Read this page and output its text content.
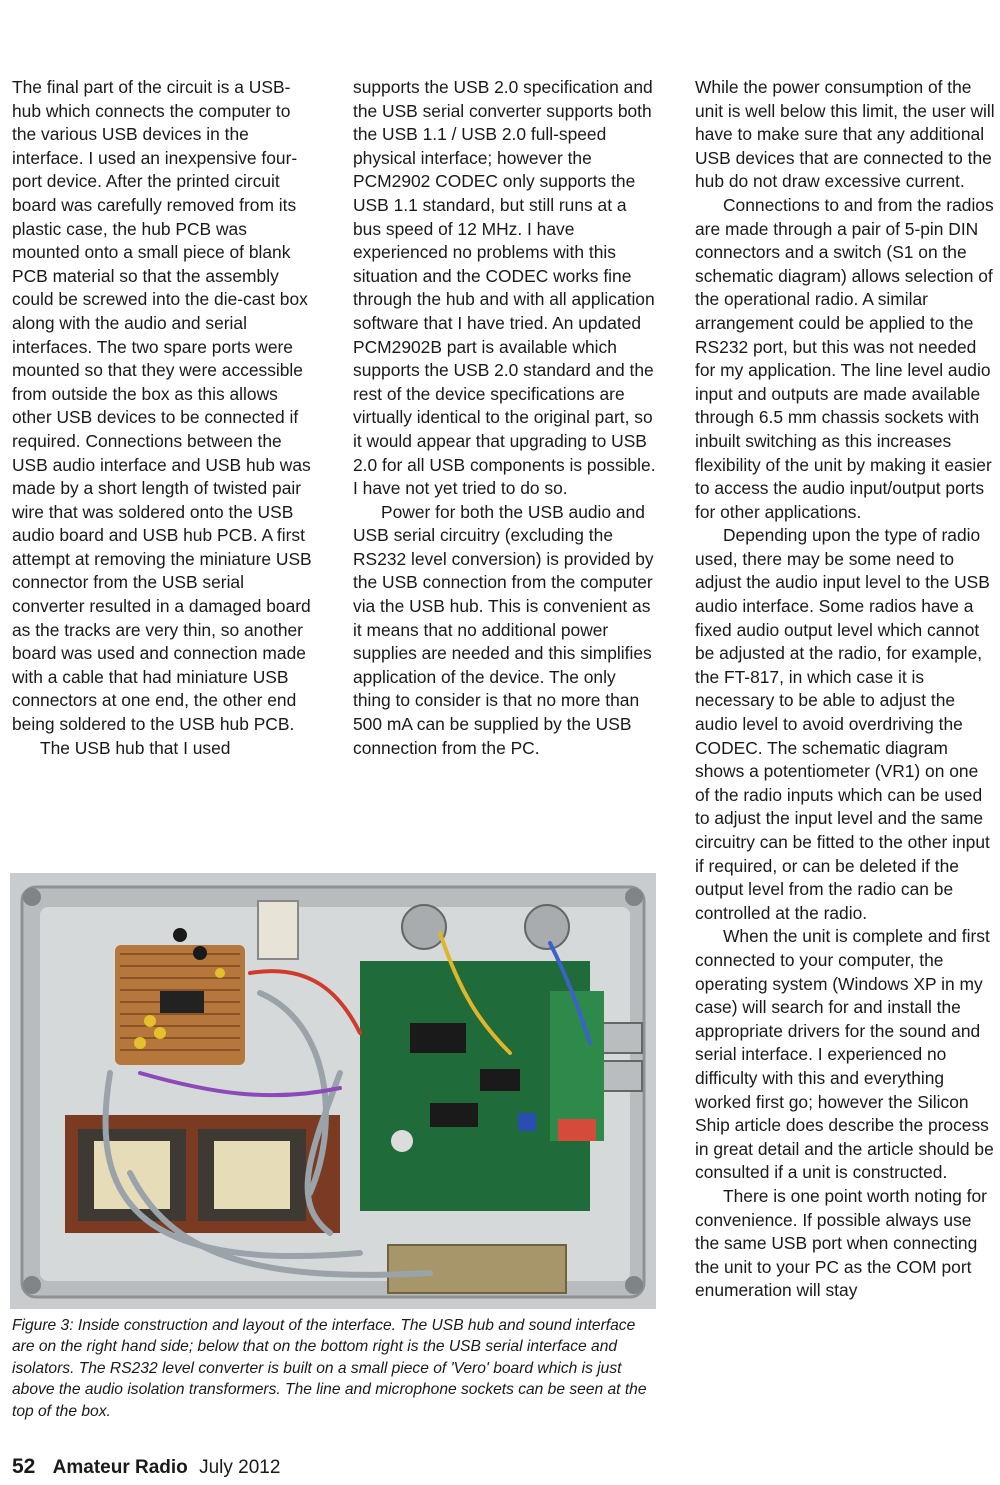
The final part of the circuit is a USB-hub which connects the computer to the various USB devices in the interface. I used an inexpensive four-port device. After the printed circuit board was carefully removed from its plastic case, the hub PCB was mounted onto a small piece of blank PCB material so that the assembly could be screwed into the die-cast box along with the audio and serial interfaces. The two spare ports were mounted so that they were accessible from outside the box as this allows other USB devices to be connected if required. Connections between the USB audio interface and USB hub was made by a short length of twisted pair wire that was soldered onto the USB audio board and USB hub PCB. A first attempt at removing the miniature USB connector from the USB serial converter resulted in a damaged board as the tracks are very thin, so another board was used and connection made with a cable that had miniature USB connectors at one end, the other end being soldered to the USB hub PCB.

The USB hub that I used

supports the USB 2.0 specification and the USB serial converter supports both the USB 1.1 / USB 2.0 full-speed physical interface; however the PCM2902 CODEC only supports the USB 1.1 standard, but still runs at a bus speed of 12 MHz. I have experienced no problems with this situation and the CODEC works fine through the hub and with all application software that I have tried. An updated PCM2902B part is available which supports the USB 2.0 standard and the rest of the device specifications are virtually identical to the original part, so it would appear that upgrading to USB 2.0 for all USB components is possible. I have not yet tried to do so.

Power for both the USB audio and USB serial circuitry (excluding the RS232 level conversion) is provided by the USB connection from the computer via the USB hub. This is convenient as it means that no additional power supplies are needed and this simplifies application of the device. The only thing to consider is that no more than 500 mA can be supplied by the USB connection from the PC.

While the power consumption of the unit is well below this limit, the user will have to make sure that any additional USB devices that are connected to the hub do not draw excessive current.

Connections to and from the radios are made through a pair of 5-pin DIN connectors and a switch (S1 on the schematic diagram) allows selection of the operational radio. A similar arrangement could be applied to the RS232 port, but this was not needed for my application. The line level audio input and outputs are made available through 6.5 mm chassis sockets with inbuilt switching as this increases flexibility of the unit by making it easier to access the audio input/output ports for other applications.

Depending upon the type of radio used, there may be some need to adjust the audio input level to the USB audio interface. Some radios have a fixed audio output level which cannot be adjusted at the radio, for example, the FT-817, in which case it is necessary to be able to adjust the audio level to avoid overdriving the CODEC. The schematic diagram shows a potentiometer (VR1) on one of the radio inputs which can be used to adjust the input level and the same circuitry can be fitted to the other input if required, or can be deleted if the output level from the radio can be controlled at the radio.

When the unit is complete and first connected to your computer, the operating system (Windows XP in my case) will search for and install the appropriate drivers for the sound and serial interface. I experienced no difficulty with this and everything worked first go; however the Silicon Ship article does describe the process in great detail and the article should be consulted if a unit is constructed.

There is one point worth noting for convenience. If possible always use the same USB port when connecting the unit to your PC as the COM port enumeration will stay

Figure 3: Inside construction and layout of the interface. The USB hub and sound interface are on the right hand side; below that on the bottom right is the USB serial interface and isolators. The RS232 level converter is built on a small piece of 'Vero' board which is just above the audio isolation transformers. The line and microphone sockets can be seen at the top of the box.

52 Amateur Radio July 2012
